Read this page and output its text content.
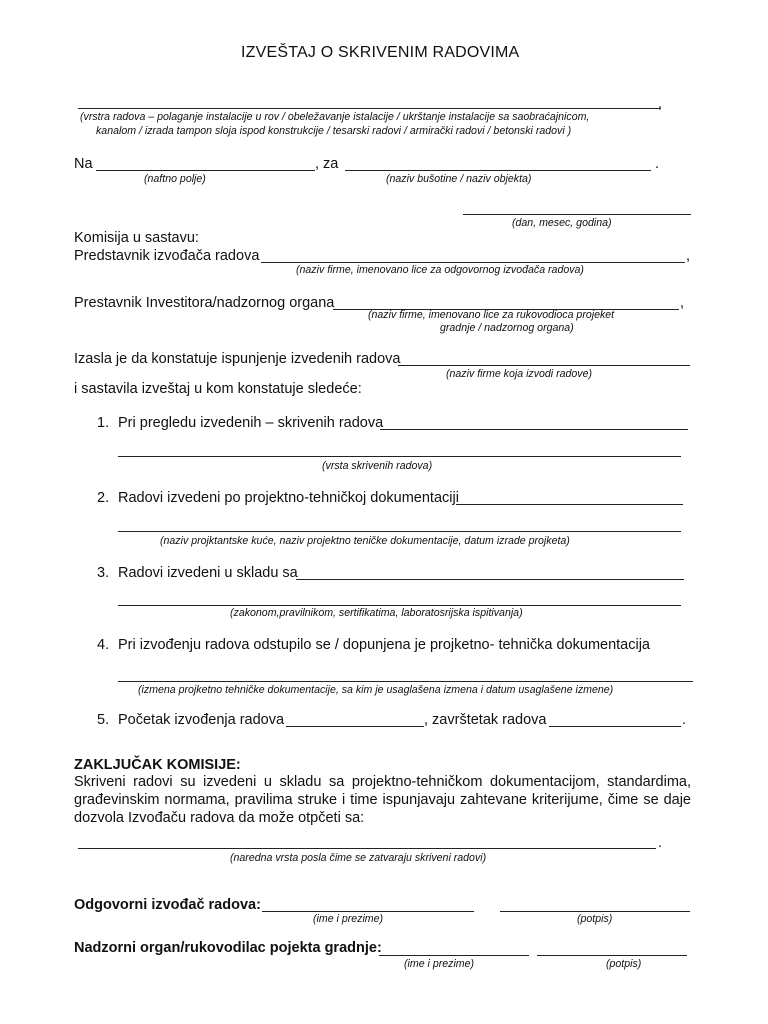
IZVEŠTAJ O SKRIVENIM RADOVIMA
,
(vrstra radova – polaganje instalacije u rov / obeležavanje istalacije / ukrštanje instalacije sa saobraćajnicom,
kanalom / izrada tampon sloja ispod konstrukcije / tesarski radovi / armirački radovi / betonski radovi )
Na	, za	.
(naftno polje)	(naziv bušotine / naziv objekta)
(dan, mesec, godina)
Komisija u sastavu:
Predstavnik izvođača radova	,
(naziv firme, imenovano lice za odgovornog izvođača radova)
Prestavnik Investitora/nadzornog organa	,
(naziv firme, imenovano lice za rukovodioca projeket
gradnje / nadzornog organa)
Izasla je da konstatuje ispunjenje izvedenih radova
(naziv firme koja izvodi radove)
i sastavila izveštaj u kom konstatuje sledeće:
1. Pri pregledu izvedenih – skrivenih radova
(vrsta skrivenih radova)
2. Radovi izvedeni po projektno-tehničkoj dokumentaciji
(naziv projktantske kuće, naziv projektno teničke dokumentacije, datum izrade projketa)
3. Radovi izvedeni u skladu sa
(zakonom,pravilnikom, sertifikatima, laboratosrijska ispitivanja)
4. Pri izvođenju radova odstupilo se / dopunjena je projketno- tehnička dokumentacija
(izmena projketno tehničke dokumentacije, sa kim je usaglašena izmena i datum usaglašene izmene)
5. Početak izvođenja radova	, završtetak radova	.
ZAKLJUČAK KOMISIJE:
Skriveni radovi su izvedeni u skladu sa projektno-tehničkom dokumentacijom, standardima, građevinskim normama, pravilima struke i time ispunjavaju zahtevane kriterijume, čime se daje dozvola Izvođaču radova da može otpčeti sa:
.
(naredna vrsta posla čime se zatvaraju skriveni radovi)
Odgovorni izvođač radova:
(ime i prezime)	(potpis)
Nadzorni organ/rukovodilac pojekta gradnje:
(ime i prezime)	(potpis)
